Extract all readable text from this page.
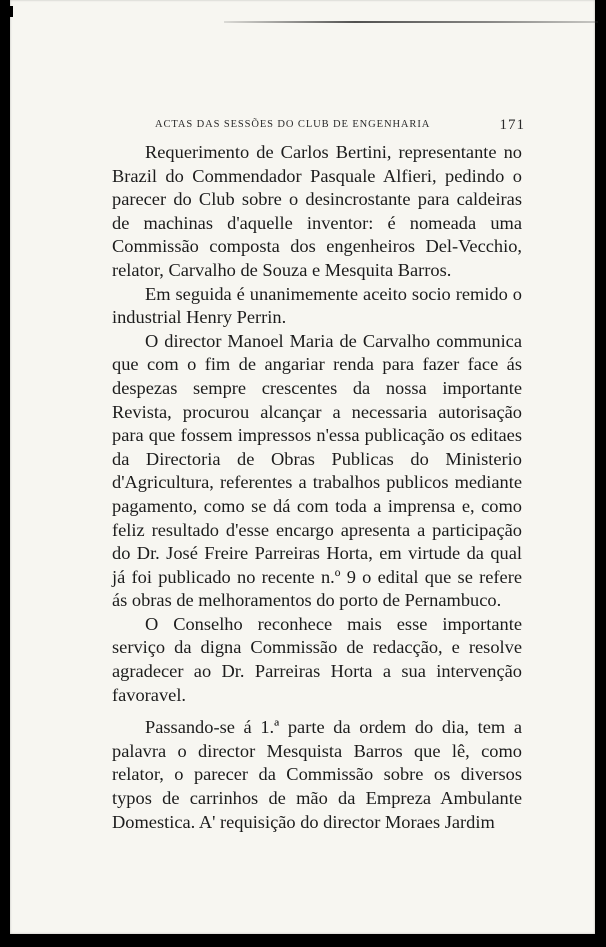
ACTAS DAS SESSÕES DO CLUB DE ENGENHARIA	171

Requerimento de Carlos Bertini, representante no Brazil do Commendador Pasquale Alfieri, pedindo o parecer do Club sobre o desincrostante para caldeiras de machinas d'aquelle inventor: é nomeada uma Commissão composta dos engenheiros Del-Vecchio, relator, Carvalho de Souza e Mesquita Barros.

Em seguida é unanimemente aceito socio remido o industrial Henry Perrin.

O director Manoel Maria de Carvalho communica que com o fim de angariar renda para fazer face ás despezas sempre crescentes da nossa importante Revista, procurou alcançar a necessaria autorisação para que fossem impressos n'essa publicação os editaes da Directoria de Obras Publicas do Ministerio d'Agricultura, referentes a trabalhos publicos mediante pagamento, como se dá com toda a imprensa e, como feliz resultado d'esse encargo apresenta a participação do Dr. José Freire Parreiras Horta, em virtude da qual já foi publicado no recente n.º 9 o edital que se refere ás obras de melhoramentos do porto de Pernambuco.

O Conselho reconhece mais esse importante serviço da digna Commissão de redacção, e resolve agradecer ao Dr. Parreiras Horta a sua intervenção favoravel.

Passando-se á 1.ª parte da ordem do dia, tem a palavra o director Mesquista Barros que lê, como relator, o parecer da Commissão sobre os diversos typos de carrinhos de mão da Empreza Ambulante Domestica. A' requisição do director Moraes Jardim
